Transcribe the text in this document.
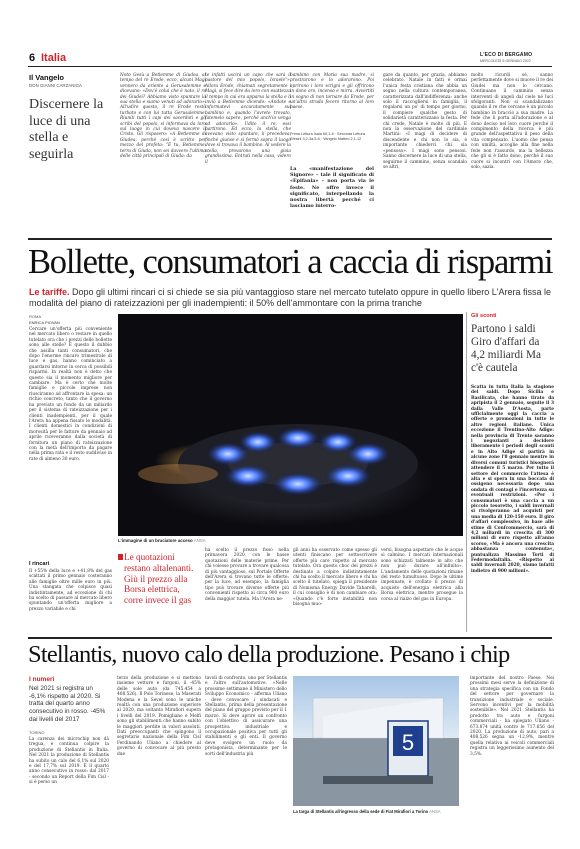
6 Italia	L'ECO DI BERGAMO
MERCOLEDÌ 5 GENNAIO 2022
Il Vangelo
DON GIANNI CARZANIGA
Discernere la luce di una stella e seguirla
Noto Gesù a Betlemme di Giudea, al tempo del re Erode, ecco, alcuni Magi vennero da oriente a Gerusalemme e dicevano: «Dov'è colui che è nato, il re dei Giudei? Abbiamo visto spuntare la sua stella e siamo venuti ad adorarlo». All'udire questo, il re Erode restò turbato e con lui tutta Gerusalemme. Riuniti tutti i capi dei sacerdoti e gli scribi del popolo, si informava da loro sul luogo in cui doveva nascere il Cristo. Gli risposero: «A Betlemme di Giudea, perché così è scritto per mezzo del profeta: "E tu, Betlemme, terra di Giuda, non sei davvero l'ultima delle città principali di Giuda: da
te infatti uscirà un capo che sarà il pastore del mio popolo, Israele"». Allora Erode, chiamati segretamente i Magi, si fece dire da loro con esattezza il tempo in cui era apparsa la stella e li inviò a Betlemme dicendo: «Andate e informatevi accuratamente sul bambino e, quando l'avrete trovato, fatemelo sapere, perché anch'io venga ad adorarlo». Udito il re, essi partirono. Ed ecco, la stella, che avevano visto spuntare, li precedeva, finché giunse e si fermò sopra il luogo dove si trovava il bambino. Al vedere la stella, provarono una gioia grandissima. Entrati nella casa, videro il
bambino con Maria sua madre, si prostrarono e lo adorarono. Poi aprirono i loro scrigni e gli offrirono in dono oro, incenso e mirra. Avvertiti in sogno di non tornare da Erode, per un'altra strada fecero ritorno al loro paese.
Prima Lettura Isaia 60,1-6 · Seconda Lettura Efesini 3,2-3a.5-6 · Vangelo Matteo 2,1-12
La «manifestazione del Signore» – tale il significato di «Epifania» – non porta via le feste. Ne offre invece il significato, interpellando la nostra libertà perché ci lasciamo interro-
gare da quanto, per grazia, abbiamo celebrato. Natale in fatti è ormai l'unica festa cristiana che abbia un segno nella cultura contemporanea, caratterizzata dall'indifferenza: anche solo il raccogliersi in famiglia, il regalarsi un po' di tempo per giorno, il compiere qualche gesto di solidarietà caratterizzano la festa. Per chi crede, Natale è molto di più. E non la osservazione del cardinale Martini: «I magi di decidere di discendente e chi non lo sia, è importante chiederci chi sia «pensoso». I magi sono pensosi. Sanno discernere la luce di una stella, seguirne il cammino, senza scandalo se altri,
molto ricurdi sé, sanno perfettamente dove si muove il re dei Giudei ma non lo cercano. Continuano il cammino senza interventi di angeli dal cielo né luci sfolgoranti. Non si scandalizzano quando il re che cercano è un piccolo bambino in braccio a sua madre. La fede che li porta all'adorazione e al dono deciso nel loro cuore perché il compimento della ricerca è più grande dell'aspettativa il peso della vita compensato. L'uomo che pensa con umiltà, accoglie alla fine nella fede non l'assurdo, ma la bellezza che gli si è fatto dono, perché il suo cuore si incontri con l'Amore che, solo, sazia.
Bollette, consumatori a caccia di risparmi
Le tariffe. Dopo gli ultimi rincari ci si chiede se sia più vantaggioso stare nel mercato tutelato oppure in quello libero L'Arera fissa le modalità del piano di rateizzazioni per gli inadempienti: il 50% dell'ammontare con la prima tranche
ROMA
ENRICA PIOVAN
Cercare un'offerta più conveniente nel mercato libero o restare in quello tutelato ora che i prezzi delle bollette sono alle stelle? È questo il dubbio che assilla tanti consumatori, che dopo l'enorme rincaro trimestrale di luce e gas, hanno cominciato a guardarsi intorno in cerca di possibili risparmi. In realtà non è detto che questo sia il momento migliore per cambiare. Ma è certo che molte famiglie e piccole imprese non riusciranno ad affrontare la spesa: un richio concreto, tanto che il governo ha previsto un fondo da un miliardo per il sistema di rateizzazione per i clienti inadempienti, per il quale l'Arera ha appena fissato le modalità. I clienti domestici in condizioni di morosità per le fatture da gennaio ad aprile riceveranno dalla società di fornitura un piano di rateizzazione con la metà dell'importo da pagare nella prima rata e il resto suddiviso in rate di almeno 30 euro.
I rincari
Il +55% della luce e +41,8% del gas scattati il primo gennaio costeranno alle famiglie oltre mille euro in più. Una stangata che colpisce quasi indistintamente, ad eccezione di chi ha scelto di passare al mercato libero spuntando un'offerta migliore a prezzo variabile e chi
L'immagine di un bruciatore acceso ANSA
Le quotazioni restano altalenanti. Giù il prezzo alla Borsa elettrica, corre invece il gas
ha scelto il prezzo fisso nella primavera 2020, con le basse quotazioni delle materie prime. Per chi volesse provare a trovare qualcosa di più vantaggioso, sul Portale Offerte dell'Arera si trovano tutte le offerte: per la luce, ad esempio, la famiglia tipo può trovare diverse offerte più convenienti rispetto ai circa 900 euro della maggior tutela. Ma l'Arera ne-
gli anni ha osservato come spesso gli utenti finiscano per sottoscrivere offerte più care rispetto al mercato tutelato. Ora questo choc dei prezzi è destinato a colpire indistintamente chi ha scelto il mercato libero e chi ha scelto il tutelato, spiega il presidente di Nomisma Energy Davide Tabarelli, il cui consiglio è di non cambiare ora: «Quando c'è forte instabilità non bisogna muo-
versi, bisogna aspettare che le acque si calmino. I mercati internazionali sono schizzati talmente in alto che non può durare all'infinito». L'andamento delle quotazioni rimane del resto tumultuoso. Dopo le ultime impennate, è crollato il prezzo di acquisto dell'energia elettrica alla Borsa elettrica, mentre prosegue la corsa al rialzo del gas in Europa.
Gli sconti
Partono i saldi Giro d'affari da 4,2 miliardi Ma c'è cautela
Scatta in tutta Italia la stagione dei saldi. Dopo Sicilia e Basilicata, che hanno tirato da apripista il 2 gennaio, seguite il 3 dalla Valle D'Aosta, parte ufficialmente oggi la caccia a offerte e promozioni in tutte le altre regioni italiane. Unica eccezione il Trentino-Alto Adige: nella provincia di Trento saranno i negozianti a decidere liberamente i periodi degli sconti e in Alto Adige si partirà in alcune zone l'8 gennaio mentre in diversi comuni turistici bisognerà attendere il 5 marzo. Per tutto il settore del commercio l'attesa è alta e si spera in una boccata di ossigeno necessaria dopo una ondata di contagi e l'incertezza su eventuali restrizioni. «Per i consumatori è una caccia a un piccolo tesoretto, i saldi invernali si rivolgeranno ad acquisti per una media di 120-150 euro. Il giro d'affari complessivo, in base alle stime di Confcommercio, sarà di 4,2 miliardi in crescita di 300 milioni di euro rispetto all'anno scorso, «Ma è ancora una crescita abbastanza contenuta», puntualizza Massimo Torti di Federmodaitalia. «Rispetto ai saldi invernali 2020, siamo infatti indietro di 900 milioni».
Stellantis, nuovo calo della produzione. Pesano i chip
I numeri
Nel 2021 si registra un -6,1% rispetto al 2020. Si tratta del quarto anno consecutivo in rosso. -45% dai livelli del 2017
TORINO
La carenza dei microchip non dà tregua, e continua colpire la produzione di Stellantis in Italia. Nel 2021 la produzione di Stellantis ha subito un calo del 6,1% sul 2020 e del 17,7% sul 2019. È il quarto anno consecutivo in rosso: dal 2017 - secondo un Report della Fim Cisl - si è perso un
terzo della produzione e si mettono insieme vetture e furgoni, il -45% delle sole auto (da 745.454 a 408.526). Il Polo Torinese, la Maserati Modena e la Sevel sono le uniche realtà con una produzione superiore al 2020, ma soltanto Mirafiori supera i livelli del 2019. Pomigliano e Melfi sono gli stabilimenti che hanno subito le maggiori perdite in valori assoluti. Dati preoccupanti che spingono il segretario nazionale della Fim Cisl Ferdinando Uliano a chiedere al governo di convocare al più presto due
tavoli di confronto, uno per Stellantis e l'altro sull'automotive. «Nelle prossime settimane il Ministero dello Sviluppo Economico - afferma Uliano - deve convocare i sindacati e Stellantis, prima della presentazione del piano del gruppo previsto per il 1 marzo. Si deve aprire un confronto con l'obiettivo di assicurare una prospettiva industriale e occupazionale positiva per tutti gli stabilimenti e gli enti. Il governo deve svolgere un ruolo da protagonista, determinante per le sorti dell'industria più	5
La targa di Stellantis all'ingresso della sede di Fiat Mirafiori a Torino ANSA
importante del nostro Paese. Nei prossimi mesi serve la definizione di una strategia specifica con un Fondo del settore per governare la transizione industriale e sociale. Servono incentivi per la mobilità sostenibile». Nel 2021 Stellantis ha prodotto tra auto e furgoni commerciali - ha spiegato Uliano - 673.874 unità contro le 717.656 del 2020. La produzione di auto, pari a 408.526 segna un -12,9%, mentre quella relativa ai veicoli commerciali registra un leggerissimo aumento del 3,5%.
